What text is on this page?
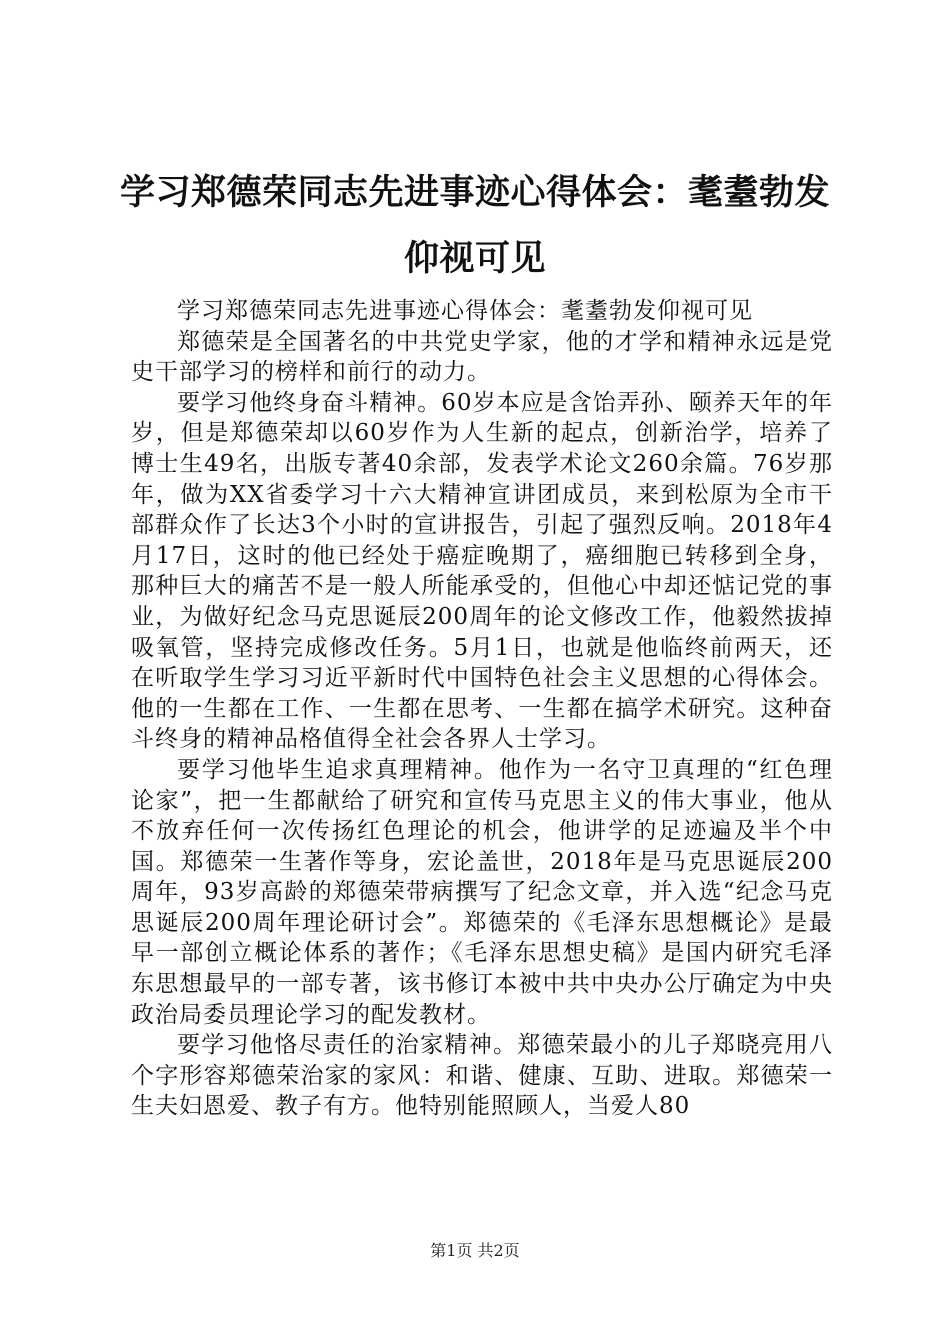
学习郑德荣同志先进事迹心得体会：耄耋勃发仰视可见

学习郑德荣同志先进事迹心得体会：耄耋勃发仰视可见

郑德荣是全国著名的中共党史学家，他的才学和精神永远是党史干部学习的榜样和前行的动力。

要学习他终身奋斗精神。60岁本应是含饴弄孙、颐养天年的年岁，但是郑德荣却以60岁作为人生新的起点，创新治学，培养了博士生49名，出版专著40余部，发表学术论文260余篇。76岁那年，做为XX省委学习十六大精神宣讲团成员，来到松原为全市干部群众作了长达3个小时的宣讲报告，引起了强烈反响。2018年4月17日，这时的他已经处于癌症晚期了，癌细胞已转移到全身，那种巨大的痛苦不是一般人所能承受的，但他心中却还惦记党的事业，为做好纪念马克思诞辰200周年的论文修改工作，他毅然拔掉吸氧管，坚持完成修改任务。5月1日，也就是他临终前两天，还在听取学生学习习近平新时代中国特色社会主义思想的心得体会。他的一生都在工作、一生都在思考、一生都在搞学术研究。这种奋斗终身的精神品格值得全社会各界人士学习。

要学习他毕生追求真理精神。他作为一名守卫真理的“红色理论家”，把一生都献给了研究和宣传马克思主义的伟大事业，他从不放弃任何一次传扬红色理论的机会，他讲学的足迹遍及半个中国。郑德荣一生著作等身，宏论盖世，2018年是马克思诞辰200周年，93岁高龄的郑德荣带病撰写了纪念文章，并入选“纪念马克思诞辰200周年理论研讨会”。郑德荣的《毛泽东思想概论》是最早一部创立概论体系的著作；《毛泽东思想史稿》是国内研究毛泽东思想最早的一部专著，该书修订本被中共中央办公厅确定为中央政治局委员理论学习的配发教材。

要学习他恪尽责任的治家精神。郑德荣最小的儿子郑晓亮用八个字形容郑德荣治家的家风：和谐、健康、互助、进取。郑德荣一生夫妇恩爱、教子有方。他特别能照顾人，当爱人80

第1页 共2页
